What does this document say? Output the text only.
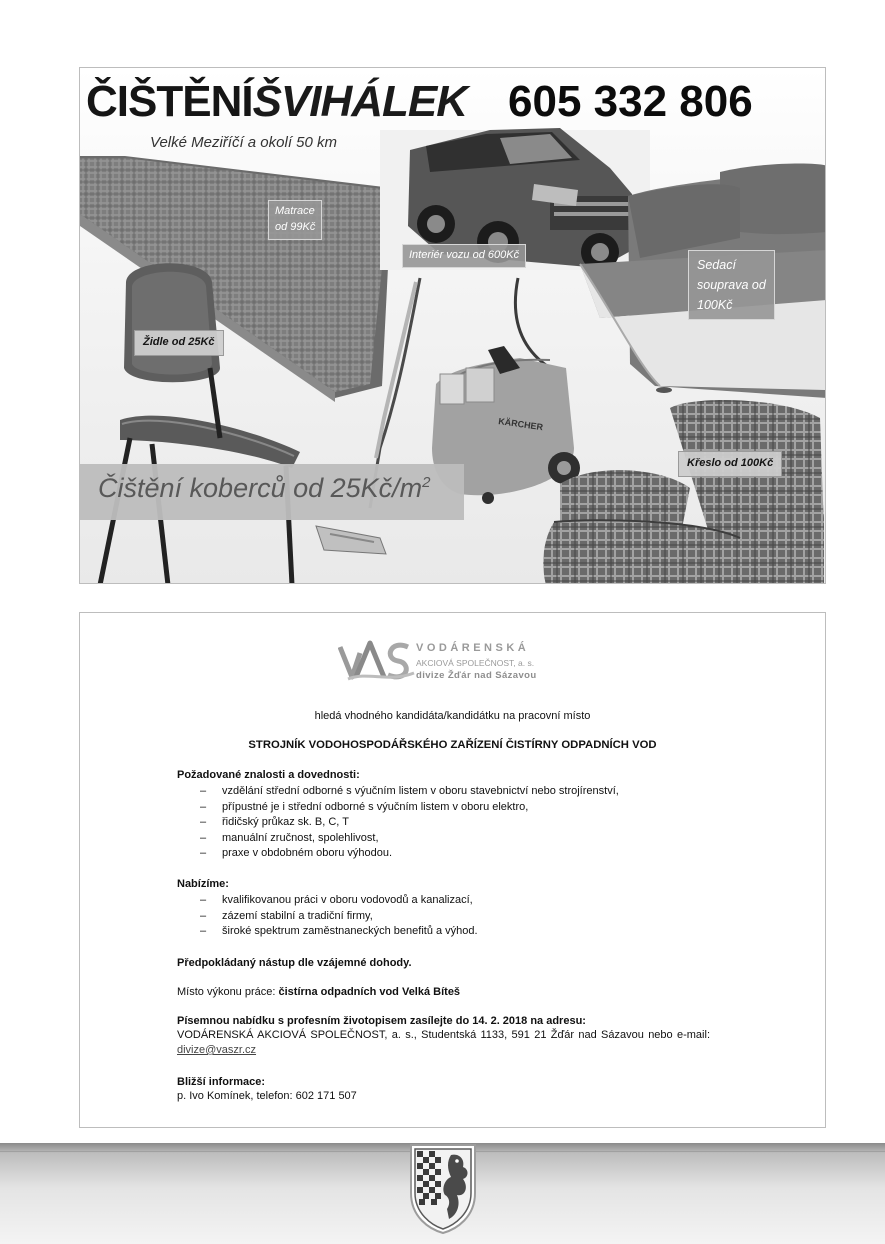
KÄRCHER
ČIŠTĚNÍŠVIHÁLEK 605 332 806
Velké Meziříčí a okolí 50 km
Matrace
od 99Kč
Interiér vozu od 600Kč
Sedací
souprava od
100Kč
Židle od 25Kč
Křeslo od 100Kč
Čištění koberců od $25Kč/m^2$
VODÁRENSKÁ
AKCIOVÁ SPOLEČNOST, a. s.
divize Žďár nad Sázavou
hledá vhodného kandidáta/kandidátku na pracovní místo
STROJNÍK VODOHOSPODÁŘSKÉHO ZAŘÍZENÍ ČISTÍRNY ODPADNÍCH VOD
Požadované znalosti a dovednosti:
– vzdělání střední odborné s výučním listem v oboru stavebnictví nebo strojírenství,
– přípustné je i střední odborné s výučním listem v oboru elektro,
– řidičský průkaz sk. B, C, T
– manuální zručnost, spolehlivost,
– praxe v obdobném oboru výhodou.
Nabízíme:
– kvalifikovanou práci v oboru vodovodů a kanalizací,
– zázemí stabilní a tradiční firmy,
– široké spektrum zaměstnaneckých benefitů a výhod.
Předpokládaný nástup dle vzájemné dohody.
Místo výkonu práce: čistírna odpadních vod Velká Bíteš
Písemnou nabídku s profesním životopisem zasílejte do 14. 2. 2018 na adresu:
VODÁRENSKÁ AKCIOVÁ SPOLEČNOST, a. s., Studentská 1133, 591 21 Žďár nad Sázavou nebo e-mail: divize@vaszr.cz
Bližší informace:
p. Ivo Komínek, telefon: 602 171 507
